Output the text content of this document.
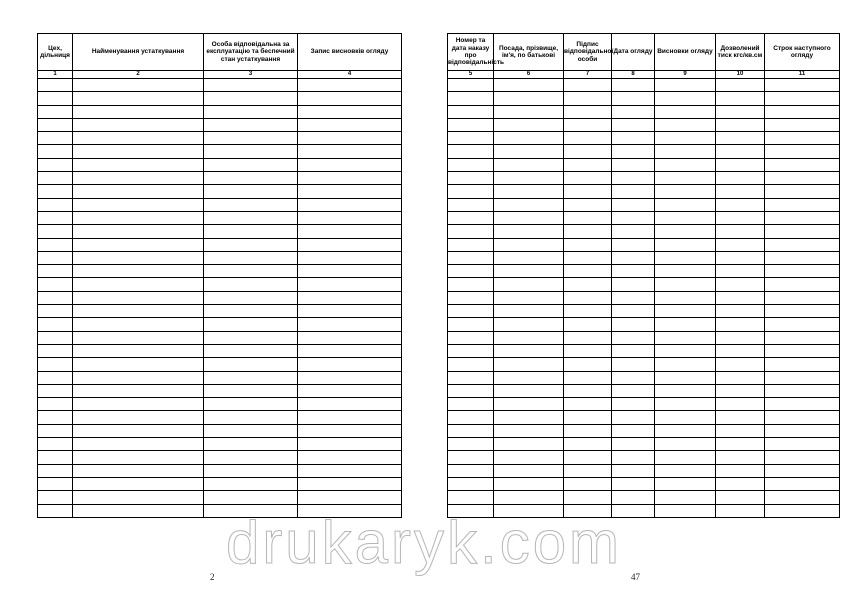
Цех, дільниця	Найменування устаткування	Особа відповідальна за експлуатацію та беспечний стан устаткування	Запис висновків огляду
1	2	3	4

Номер та дата наказу про відповідальність	Посада, прізвище, ім'я, по батькові	Підпис відповідальної особи	Дата огляду	Висновки огляду	Дозволений тиск кгс/кв.см	Строк наступного огляду
5	6	7	8	9	10	11

2	47
drukaryk.com
